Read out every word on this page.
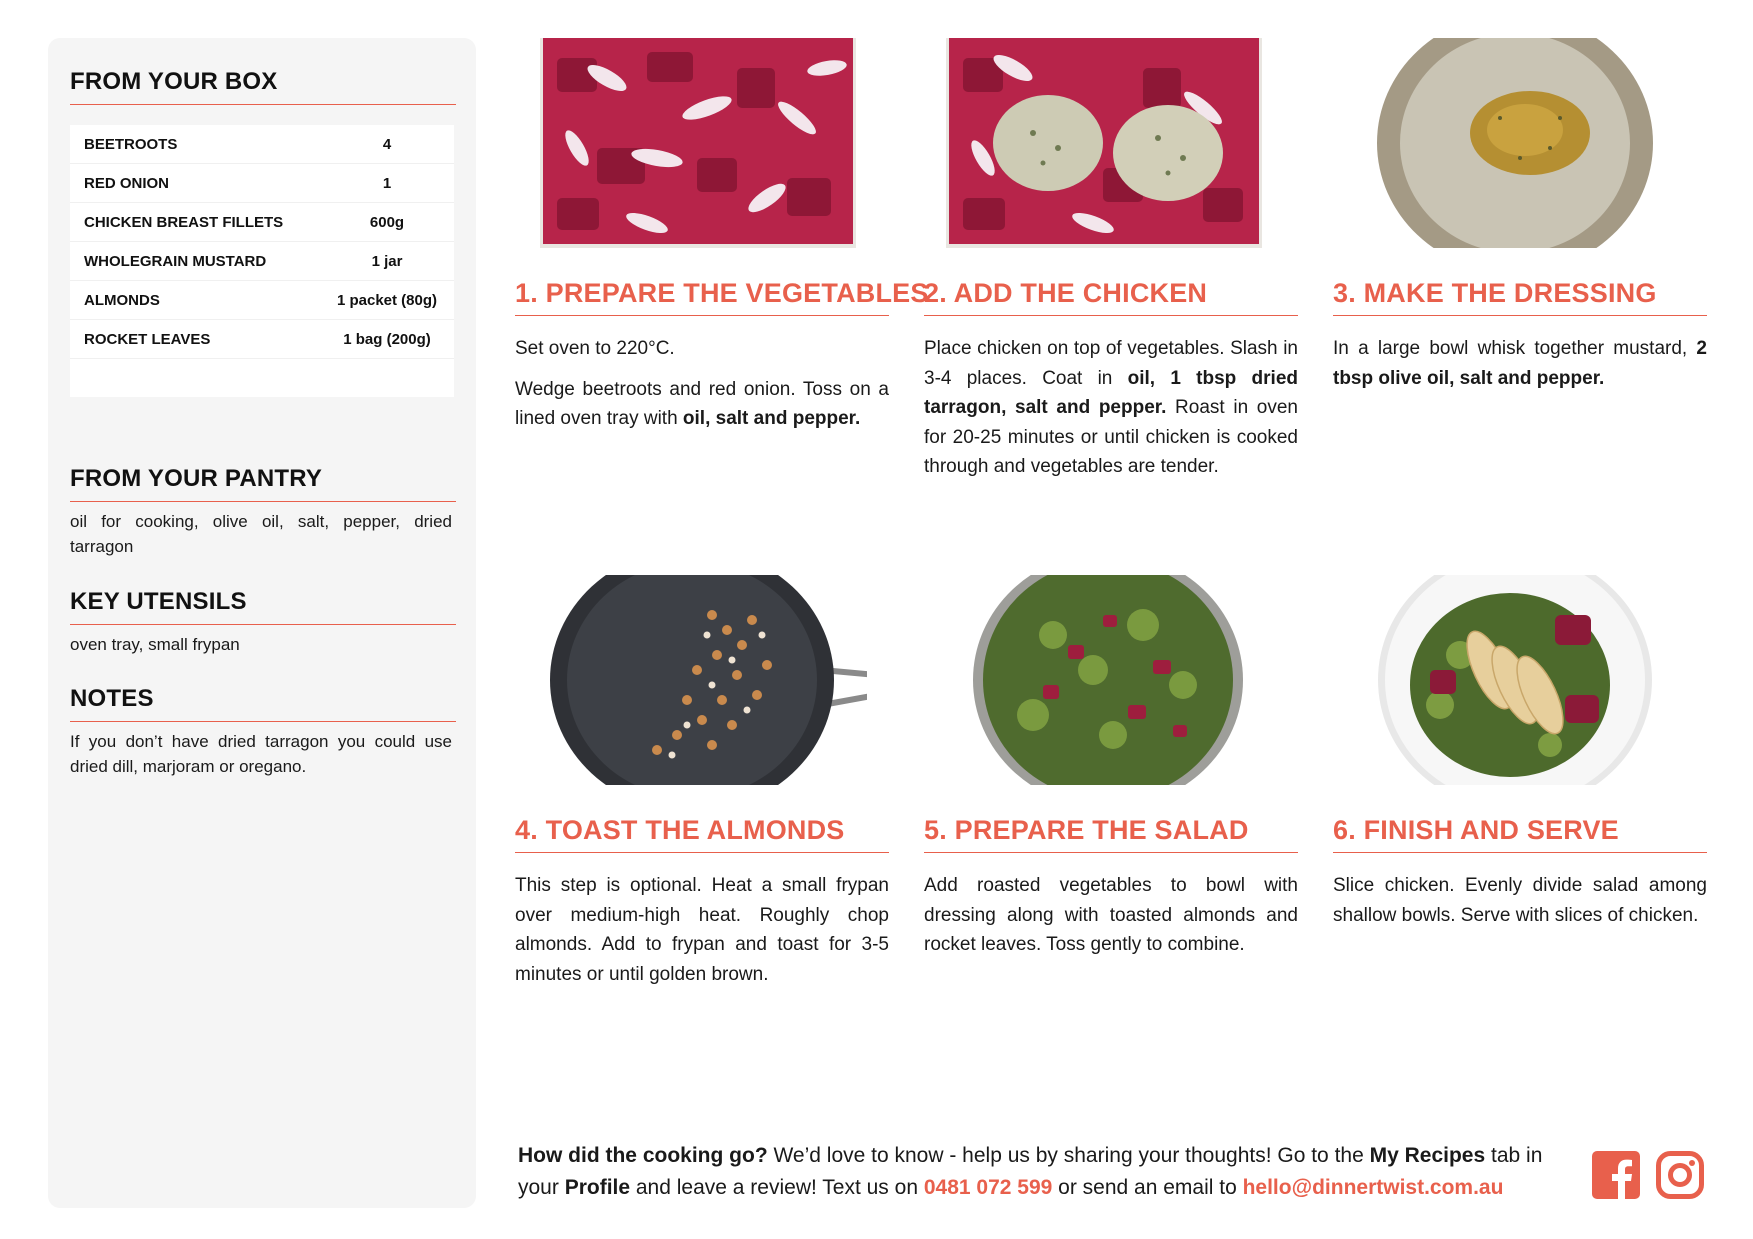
FROM YOUR BOX
BEETROOTS	4
RED ONION	1
CHICKEN BREAST FILLETS	600g
WHOLEGRAIN MUSTARD	1 jar
ALMONDS	1 packet (80g)
ROCKET LEAVES	1 bag (200g)

FROM YOUR PANTRY

oil for cooking, olive oil, salt, pepper, dried tarragon

KEY UTENSILS

oven tray, small frypan

NOTES

If you don’t have dried tarragon you could use dried dill, marjoram or oregano.

1. PREPARE THE VEGETABLES

Set oven to 220°C.

Wedge beetroots and red onion. Toss on a lined oven tray with oil, salt and pepper.

2. ADD THE CHICKEN

Place chicken on top of vegetables. Slash in 3-4 places. Coat in oil, 1 tbsp dried tarragon, salt and pepper. Roast in oven for 20-25 minutes or until chicken is cooked through and vegetables are tender.

3. MAKE THE DRESSING

In a large bowl whisk together mustard, 2 tbsp olive oil, salt and pepper.

4. TOAST THE ALMONDS

This step is optional. Heat a small frypan over medium-high heat. Roughly chop almonds. Add to frypan and toast for 3-5 minutes or until golden brown.

5. PREPARE THE SALAD

Add roasted vegetables to bowl with dressing along with toasted almonds and rocket leaves. Toss gently to combine.

6. FINISH AND SERVE

Slice chicken. Evenly divide salad among shallow bowls. Serve with slices of chicken.

How did the cooking go? We’d love to know - help us by sharing your thoughts! Go to the My Recipes tab in your Profile and leave a review! Text us on 0481 072 599 or send an email to hello@dinnertwist.com.au
